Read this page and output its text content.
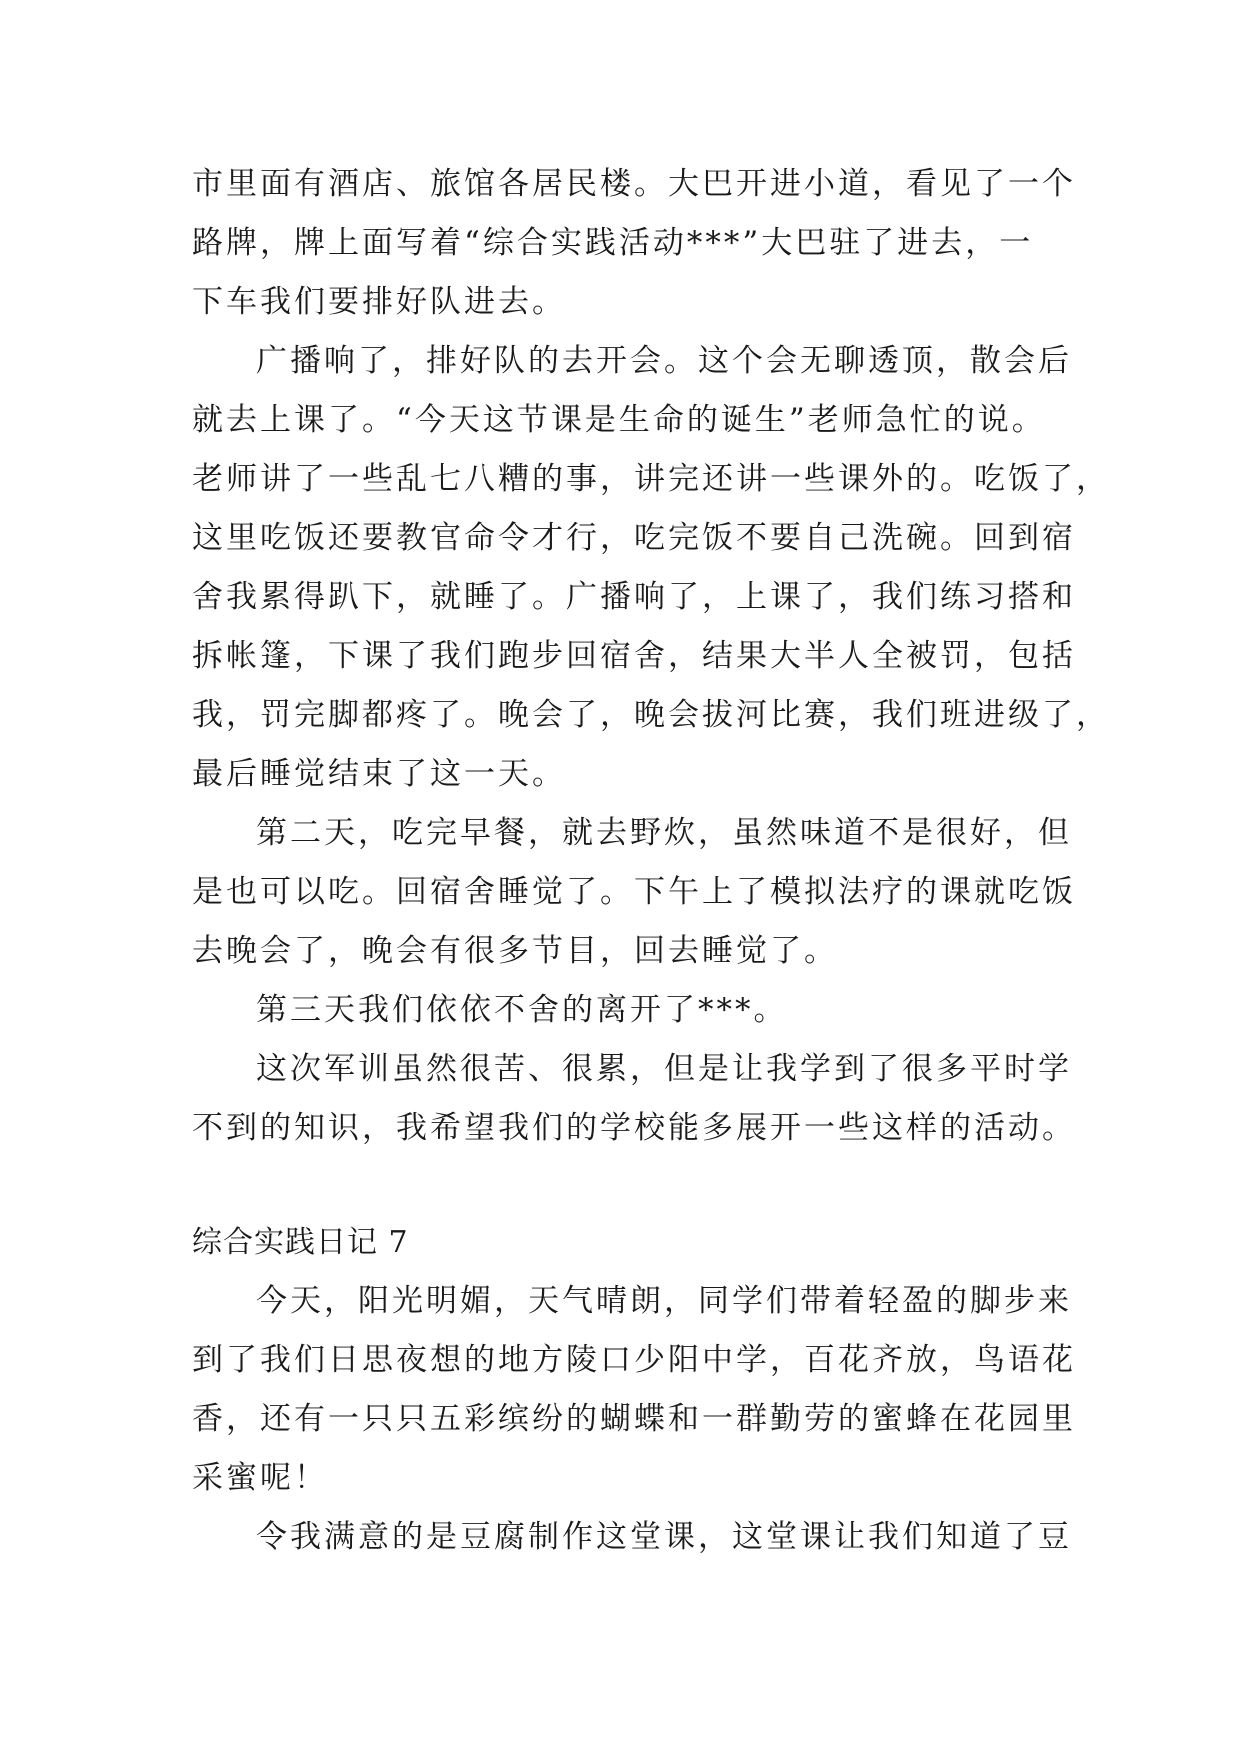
市里面有酒店、旅馆各居民楼。大巴开进小道，看见了一个
路牌，牌上面写着“综合实践活动***”大巴驻了进去，一
下车我们要排好队进去。
广播响了，排好队的去开会。这个会无聊透顶，散会后
就去上课了。“今天这节课是生命的诞生”老师急忙的说。
老师讲了一些乱七八糟的事，讲完还讲一些课外的。吃饭了，
这里吃饭还要教官命令才行，吃完饭不要自己洗碗。回到宿
舍我累得趴下，就睡了。广播响了，上课了，我们练习搭和
拆帐篷，下课了我们跑步回宿舍，结果大半人全被罚，包括
我，罚完脚都疼了。晚会了，晚会拔河比赛，我们班进级了，
最后睡觉结束了这一天。
第二天，吃完早餐，就去野炊，虽然味道不是很好，但
是也可以吃。回宿舍睡觉了。下午上了模拟法疗的课就吃饭
去晚会了，晚会有很多节目，回去睡觉了。
第三天我们依依不舍的离开了***。
这次军训虽然很苦、很累，但是让我学到了很多平时学
不到的知识，我希望我们的学校能多展开一些这样的活动。
综合实践日记 7
今天，阳光明媚，天气晴朗，同学们带着轻盈的脚步来
到了我们日思夜想的地方陵口少阳中学，百花齐放，鸟语花
香，还有一只只五彩缤纷的蝴蝶和一群勤劳的蜜蜂在花园里
采蜜呢！
令我满意的是豆腐制作这堂课，这堂课让我们知道了豆
